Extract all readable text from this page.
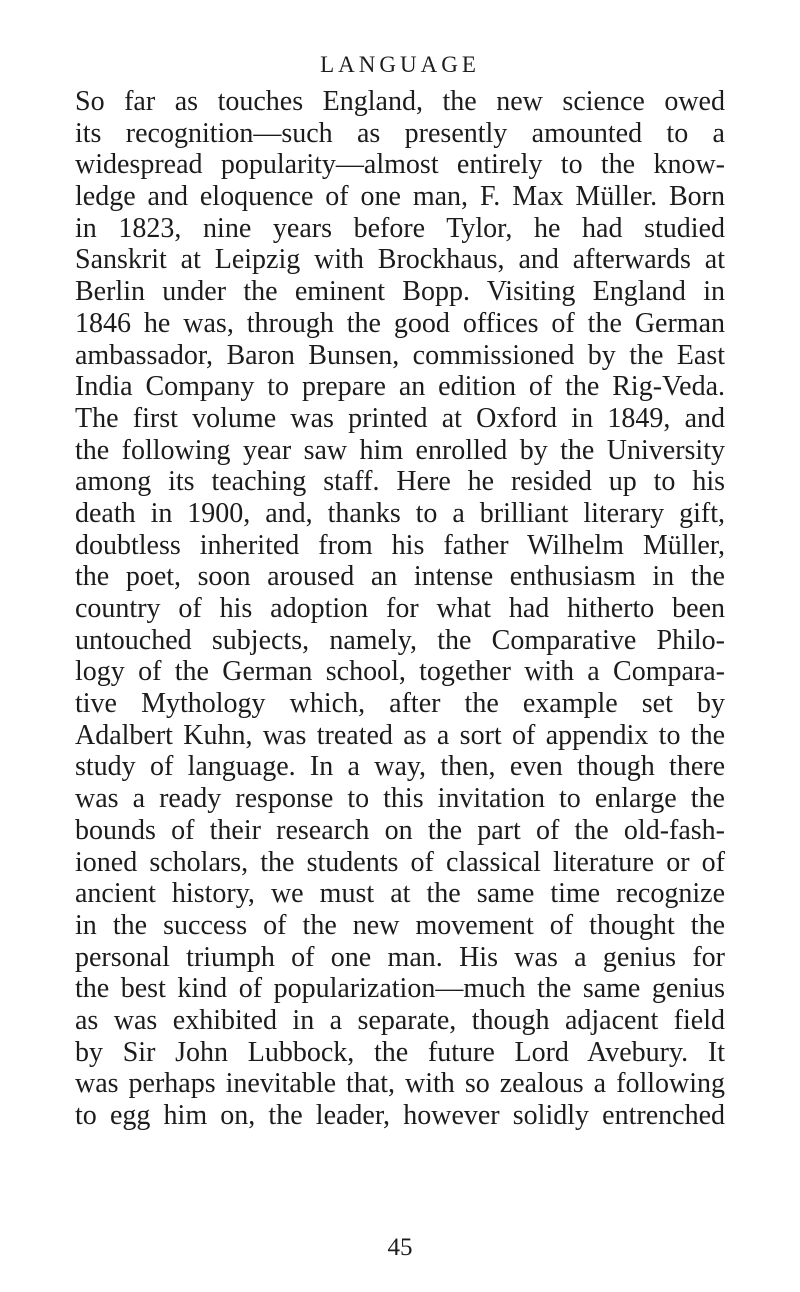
LANGUAGE
So far as touches England, the new science owed
its recognition—such as presently amounted to a
widespread popularity—almost entirely to the know-
ledge and eloquence of one man, F. Max Müller. Born
in 1823, nine years before Tylor, he had studied
Sanskrit at Leipzig with Brockhaus, and afterwards at
Berlin under the eminent Bopp. Visiting England in
1846 he was, through the good offices of the German
ambassador, Baron Bunsen, commissioned by the East
India Company to prepare an edition of the Rig-Veda.
The first volume was printed at Oxford in 1849, and
the following year saw him enrolled by the University
among its teaching staff. Here he resided up to his
death in 1900, and, thanks to a brilliant literary gift,
doubtless inherited from his father Wilhelm Müller,
the poet, soon aroused an intense enthusiasm in the
country of his adoption for what had hitherto been
untouched subjects, namely, the Comparative Philo-
logy of the German school, together with a Compara-
tive Mythology which, after the example set by
Adalbert Kuhn, was treated as a sort of appendix to the
study of language. In a way, then, even though there
was a ready response to this invitation to enlarge the
bounds of their research on the part of the old-fash-
ioned scholars, the students of classical literature or of
ancient history, we must at the same time recognize
in the success of the new movement of thought the
personal triumph of one man. His was a genius for
the best kind of popularization—much the same genius
as was exhibited in a separate, though adjacent field
by Sir John Lubbock, the future Lord Avebury. It
was perhaps inevitable that, with so zealous a following
to egg him on, the leader, however solidly entrenched
45
